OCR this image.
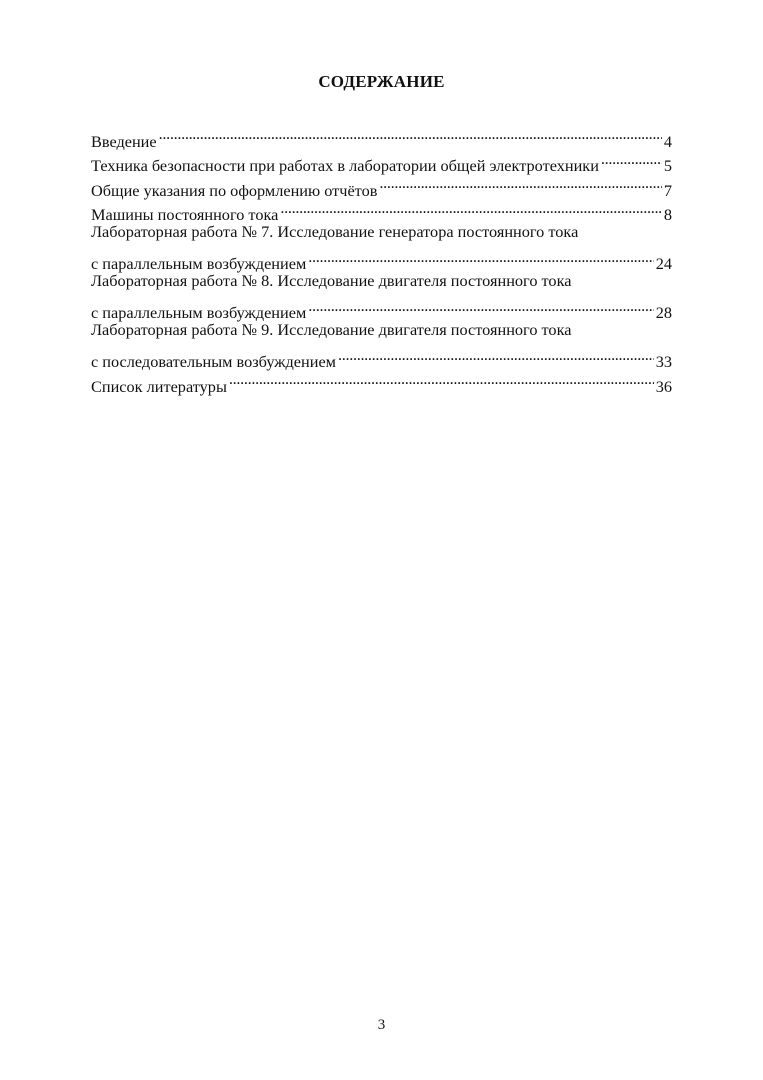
СОДЕРЖАНИЕ
Введение . . .	4
Техника безопасности при работах в лаборатории общей электротехники . . .	5
Общие указания по оформлению отчётов . . .	7
Машины постоянного тока . . .	8
Лабораторная работа № 7. Исследование генератора постоянного тока
с параллельным возбуждением . . .	24
Лабораторная работа № 8. Исследование двигателя постоянного тока
с параллельным возбуждением . . .	28
Лабораторная работа № 9. Исследование двигателя постоянного тока
с последовательным возбуждением . . .	33
Список литературы . . .	36
3
